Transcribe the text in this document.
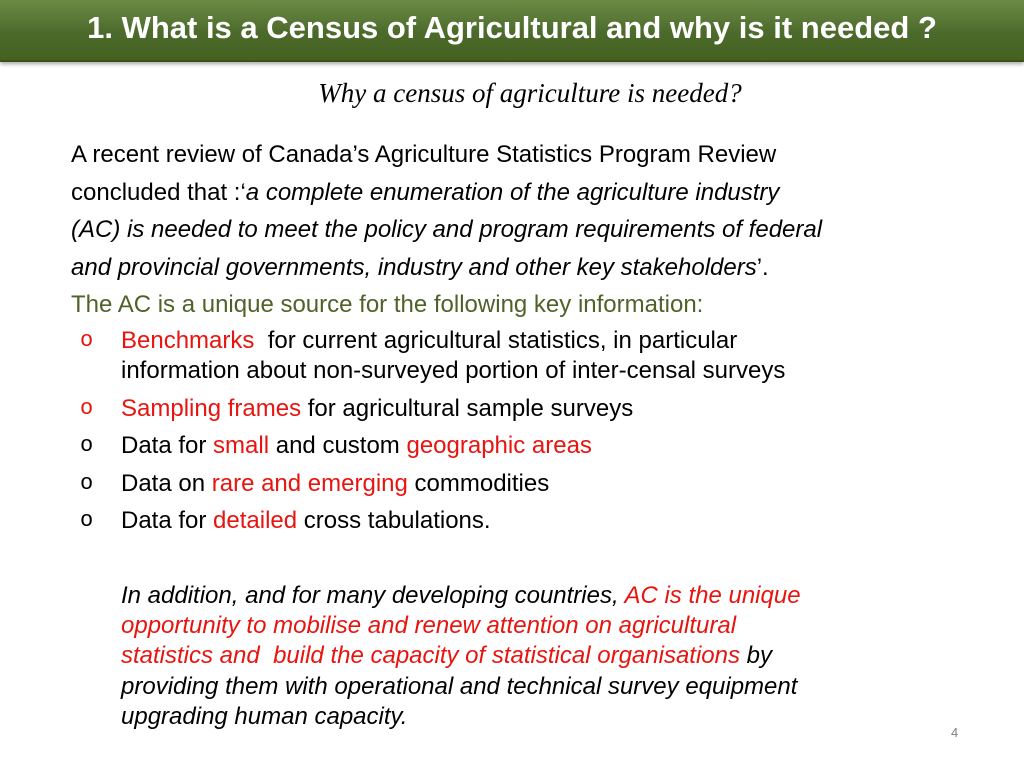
1. What is a Census of Agricultural and why is it needed ?
Why a census of agriculture is needed?
A recent review of Canada’s Agriculture Statistics Program Review
concluded that :‘a complete enumeration of the agriculture industry
(AC) is needed to meet the policy and program requirements of federal
and provincial governments, industry and other key stakeholders’.
The AC is a unique source for the following key information:
o Benchmarks  for current agricultural statistics, in particular
information about non-surveyed portion of inter-censal surveys
o Sampling frames for agricultural sample surveys
o Data for small and custom geographic areas
o Data on rare and emerging commodities
o Data for detailed cross tabulations.
In addition, and for many developing countries, AC is the unique
opportunity to mobilise and renew attention on agricultural
statistics and  build the capacity of statistical organisations by
providing them with operational and technical survey equipment
upgrading human capacity.
4
